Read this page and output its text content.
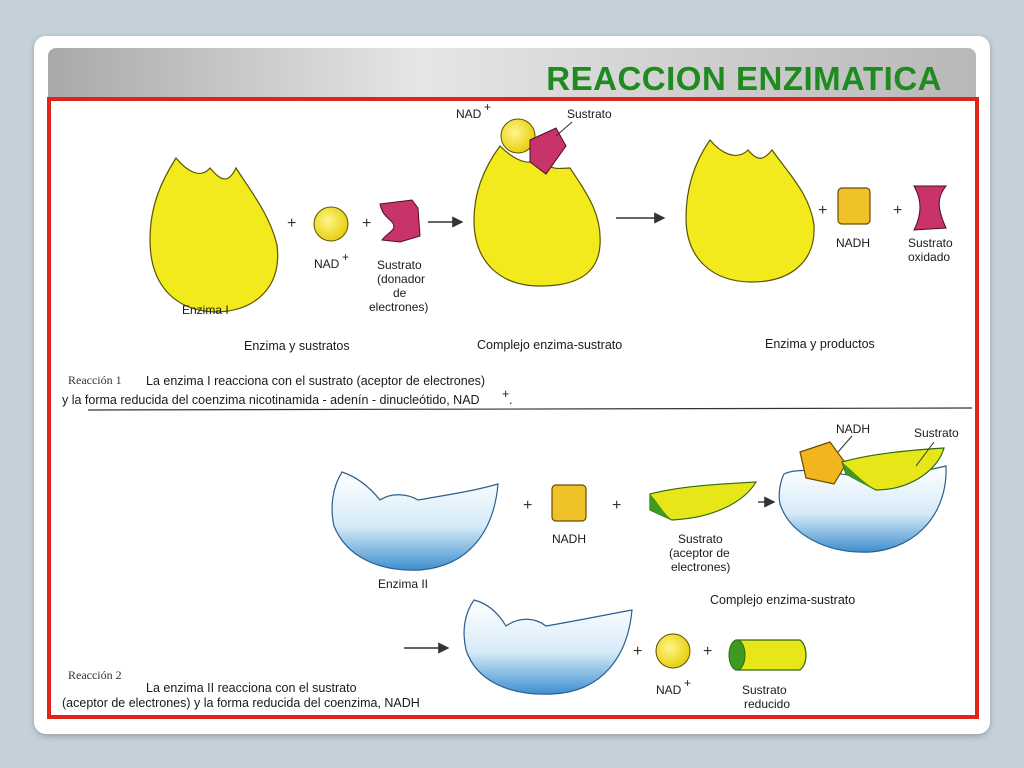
REACCION ENZIMATICA
+
NAD +
+
Sustrato
(donador
de
electrones)
NAD +	Sustrato
+
NADH
+
Sustrato
oxidado
Enzima I
Enzima y sustratos	Complejo enzima-sustrato	Enzima y productos
Reacción 1 La enzima I reacciona con el sustrato (aceptor de electrones)
y la forma reducida del coenzima nicotinamida - adenín - dinucleótido, NAD + .
Enzima II
+
NADH
+
Sustrato
(aceptor de
electrones)
NADH	Sustrato
Complejo enzima-sustrato
+
NAD +
+
Sustrato
reducido
Reacción 2
La enzima II reacciona con el sustrato
(aceptor de electrones) y la forma reducida del coenzima, NADH
